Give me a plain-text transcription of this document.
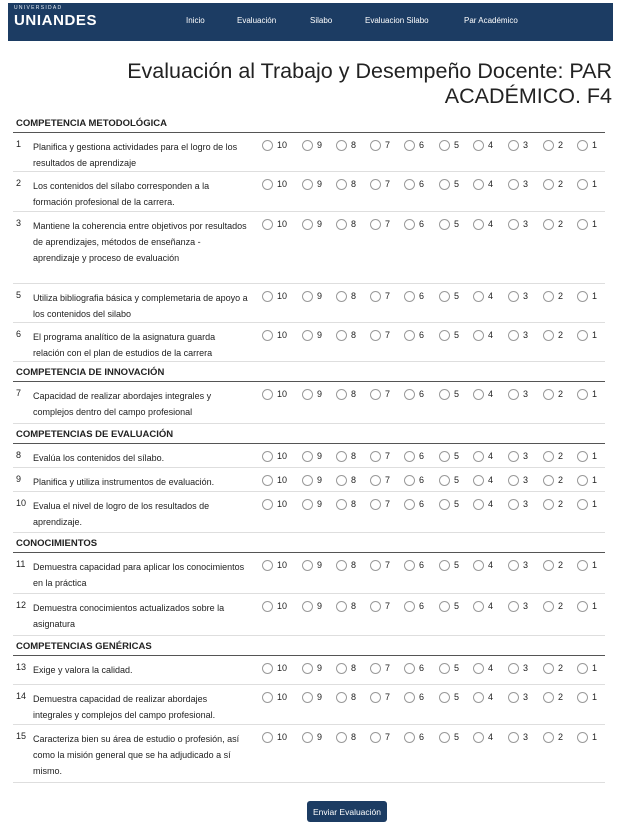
UNIVERSIDAD
UNIANDES	Inicio	Evaluación	Silabo	Evaluacion Silabo	Par Académico
Evaluación al Trabajo y Desempeño Docente: PAR ACADÉMICO. F4
COMPETENCIA METODOLÓGICA
1 Planifica y gestiona actividades para el logro de los resultados de aprendizaje
10	9	8	7	6	5	4	3	2	1
2 Los contenidos del sílabo corresponden a la formación profesional de la carrera.
10	9	8	7	6	5	4	3	2	1
3 Mantiene la coherencia entre objetivos por resultados de aprendizajes, métodos de enseñanza - aprendizaje y proceso de evaluación
10	9	8	7	6	5	4	3	2	1
5 Utiliza bibliografia básica y complemetaria de apoyo a los contenidos del silabo
10	9	8	7	6	5	4	3	2	1
6 El programa analítico de la asignatura guarda relación con el plan de estudios de la carrera
10	9	8	7	6	5	4	3	2	1
COMPETENCIA DE INNOVACIÓN
7 Capacidad de realizar abordajes integrales y complejos dentro del campo profesional
10	9	8	7	6	5	4	3	2	1
COMPETENCIAS DE EVALUACIÓN
8 Evalúa los contenidos del sílabo.	10	9	8	7	6	5	4	3	2	1
9 Planifica y utiliza instrumentos de evaluación.	10	9	8	7	6	5	4	3	2	1
10 Evalua el nivel de logro de los resultados de aprendizaje.
10	9	8	7	6	5	4	3	2	1
CONOCIMIENTOS
11 Demuestra capacidad para aplicar los conocimientos en la práctica
10	9	8	7	6	5	4	3	2	1
12 Demuestra conocimientos actualizados sobre la asignatura
10	9	8	7	6	5	4	3	2	1
COMPETENCIAS GENÉRICAS
13 Exige y valora la calidad.	10	9	8	7	6	5	4	3	2	1
14 Demuestra capacidad de realizar abordajes integrales y complejos del campo profesional.
10	9	8	7	6	5	4	3	2	1
15 Caracteriza bien su área de estudio o profesión, así como la misión general que se ha adjudicado a sí mismo.
10	9	8	7	6	5	4	3	2	1
Enviar Evaluación
